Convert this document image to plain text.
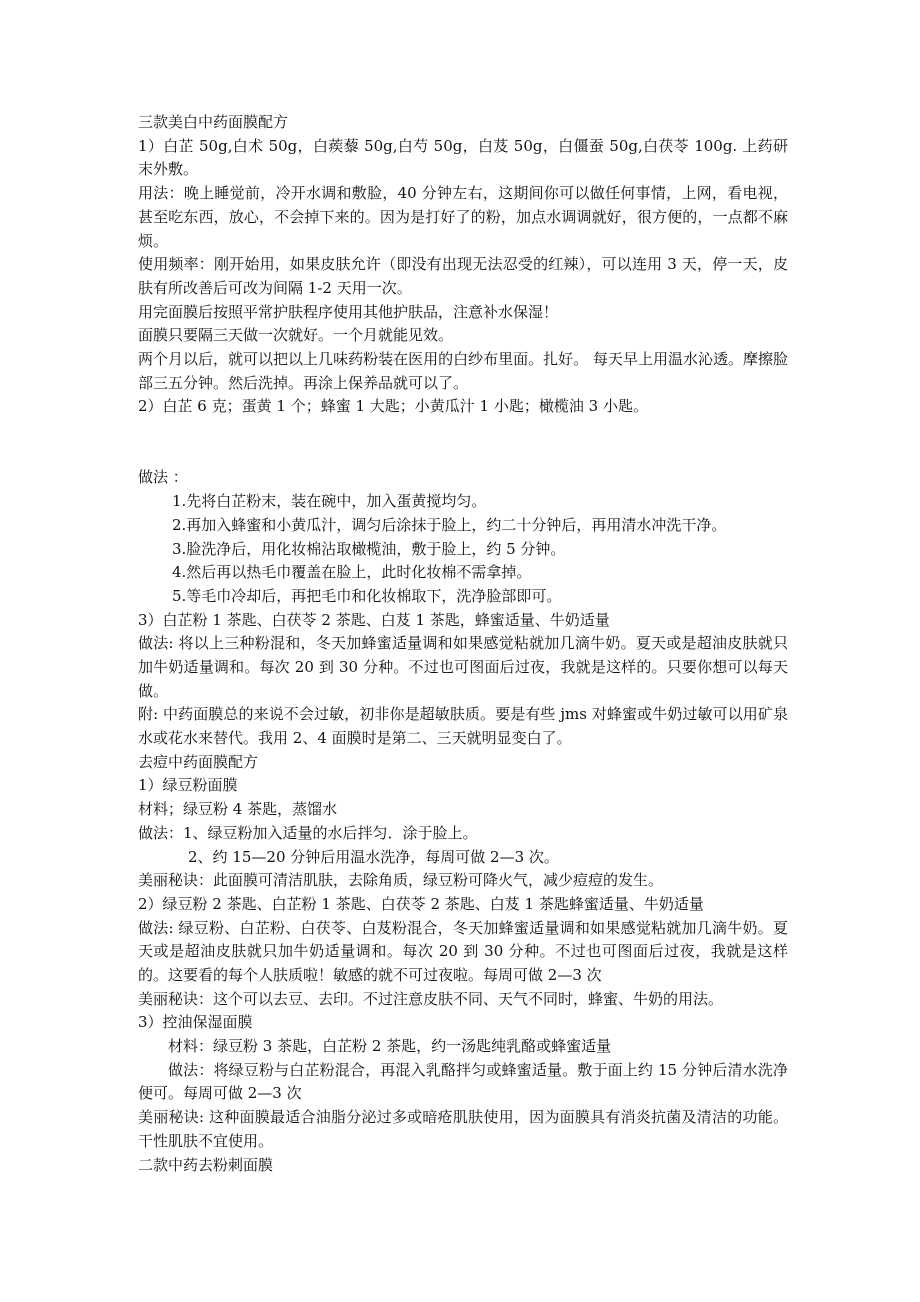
三款美白中药面膜配方
1）白芷 50g,白术 50g，白蒺藜 50g,白芍 50g，白芨 50g，白僵蚕 50g,白茯苓 100g. 上药研末外敷。
用法：晚上睡觉前，冷开水调和敷脸，40 分钟左右，这期间你可以做任何事情，上网，看电视，甚至吃东西，放心，不会掉下来的。因为是打好了的粉，加点水调调就好，很方便的，一点都不麻烦。
使用频率：刚开始用，如果皮肤允许（即没有出现无法忍受的红辣），可以连用 3 天，停一天，皮肤有所改善后可改为间隔 1-2 天用一次。
用完面膜后按照平常护肤程序使用其他护肤品，注意补水保湿！
面膜只要隔三天做一次就好。一个月就能见效。
两个月以后，就可以把以上几味药粉装在医用的白纱布里面。扎好。 每天早上用温水沁透。摩擦脸部三五分钟。然后洗掉。再涂上保养品就可以了。
2）白芷 6 克；蛋黄 1 个；蜂蜜 1 大匙；小黄瓜汁 1 小匙；橄榄油 3 小匙。
做法 ：
1.先将白芷粉末，装在碗中，加入蛋黄搅均匀。
2.再加入蜂蜜和小黄瓜汁，调匀后涂抹于脸上，约二十分钟后，再用清水冲洗干净。
3.脸洗净后，用化妆棉沾取橄榄油，敷于脸上，约 5 分钟。
4.然后再以热毛巾覆盖在脸上，此时化妆棉不需拿掉。
5.等毛巾冷却后，再把毛巾和化妆棉取下，洗净脸部即可。
3）白芷粉 1 茶匙、白茯苓 2 茶匙、白芨 1 茶匙，蜂蜜适量、牛奶适量
做法: 将以上三种粉混和，冬天加蜂蜜适量调和如果感觉粘就加几滴牛奶。夏天或是超油皮肤就只加牛奶适量调和。每次 20 到 30 分种。不过也可图面后过夜，我就是这样的。只要你想可以每天做。
附: 中药面膜总的来说不会过敏，初非你是超敏肤质。要是有些 jms 对蜂蜜或牛奶过敏可以用矿泉水或花水来替代。我用 2、4 面膜时是第二、三天就明显变白了。
去痘中药面膜配方
1）绿豆粉面膜
材料；绿豆粉 4 茶匙，蒸馏水
做法：1、绿豆粉加入适量的水后拌匀．涂于脸上。
2、约 15—20 分钟后用温水洗净，每周可做 2—3 次。
美丽秘诀：此面膜可清洁肌肤，去除角质，绿豆粉可降火气，减少痘痘的发生。
2）绿豆粉 2 茶匙、白芷粉 1 茶匙、白茯苓 2 茶匙、白芨 1 茶匙蜂蜜适量、牛奶适量
做法: 绿豆粉、白芷粉、白茯苓、白芨粉混合，冬天加蜂蜜适量调和如果感觉粘就加几滴牛奶。夏天或是超油皮肤就只加牛奶适量调和。每次 20 到 30 分种。不过也可图面后过夜，我就是这样的。这要看的每个人肤质啦！敏感的就不可过夜啦。每周可做 2—3 次
美丽秘诀：这个可以去豆、去印。不过注意皮肤不同、天气不同时，蜂蜜、牛奶的用法。
3）控油保湿面膜
材料：绿豆粉 3 茶匙，白芷粉 2 茶匙，约一汤匙纯乳酪或蜂蜜适量
做法：将绿豆粉与白芷粉混合，再混入乳酪拌匀或蜂蜜适量。敷于面上约 15 分钟后清水洗净便可。每周可做 2—3 次
美丽秘诀: 这种面膜最适合油脂分泌过多或暗疮肌肤使用，因为面膜具有消炎抗菌及清洁的功能。干性肌肤不宜使用。
二款中药去粉刺面膜
